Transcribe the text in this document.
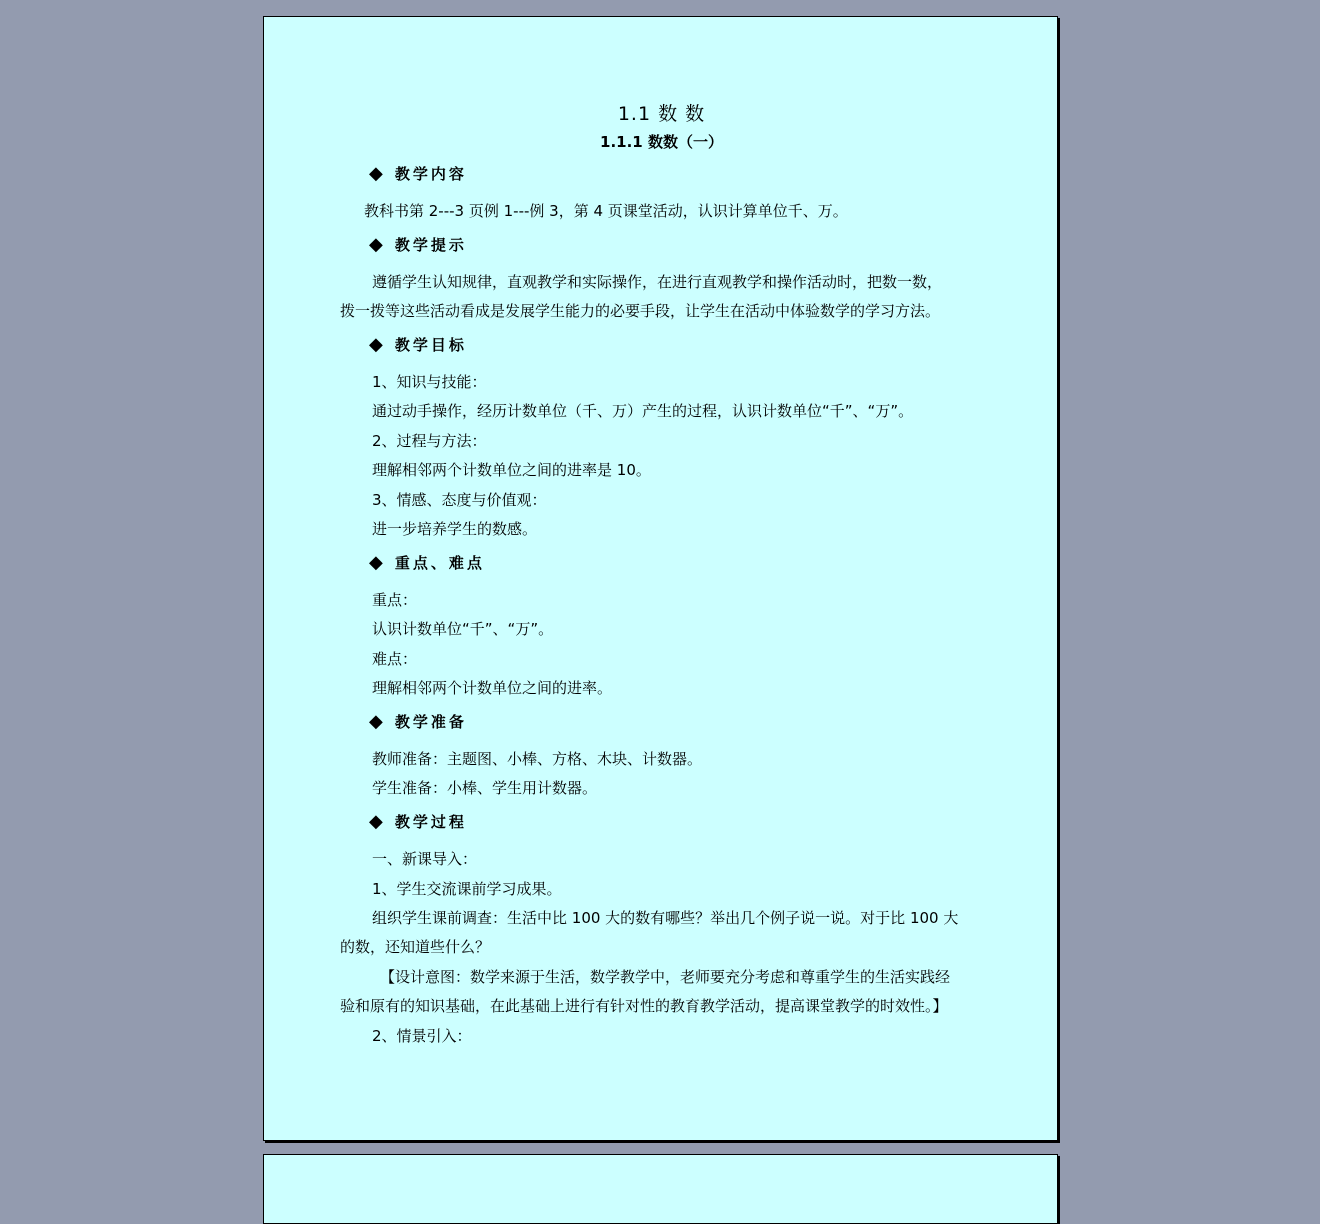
1.1 数 数
1.1.1 数数（一）
◆ 教学内容
教科书第 2---3 页例 1---例 3，第 4 页课堂活动，认识计算单位千、万。
◆ 教学提示
遵循学生认知规律，直观教学和实际操作，在进行直观教学和操作活动时，把数一数，
拨一拨等这些活动看成是发展学生能力的必要手段，让学生在活动中体验数学的学习方法。
◆ 教学目标
1、知识与技能：
通过动手操作，经历计数单位（千、万）产生的过程，认识计数单位“千”、“万”。
2、过程与方法：
理解相邻两个计数单位之间的进率是 10。
3、情感、态度与价值观：
进一步培养学生的数感。
◆ 重点、难点
重点：
认识计数单位“千”、“万”。
难点：
理解相邻两个计数单位之间的进率。
◆ 教学准备
教师准备：主题图、小棒、方格、木块、计数器。
学生准备：小棒、学生用计数器。
◆ 教学过程
一、新课导入：
1、学生交流课前学习成果。
组织学生课前调查：生活中比 100 大的数有哪些？举出几个例子说一说。对于比 100 大
的数，还知道些什么？
【设计意图：数学来源于生活，数学教学中，老师要充分考虑和尊重学生的生活实践经
验和原有的知识基础，在此基础上进行有针对性的教育教学活动，提高课堂教学的时效性。】
2、情景引入：
